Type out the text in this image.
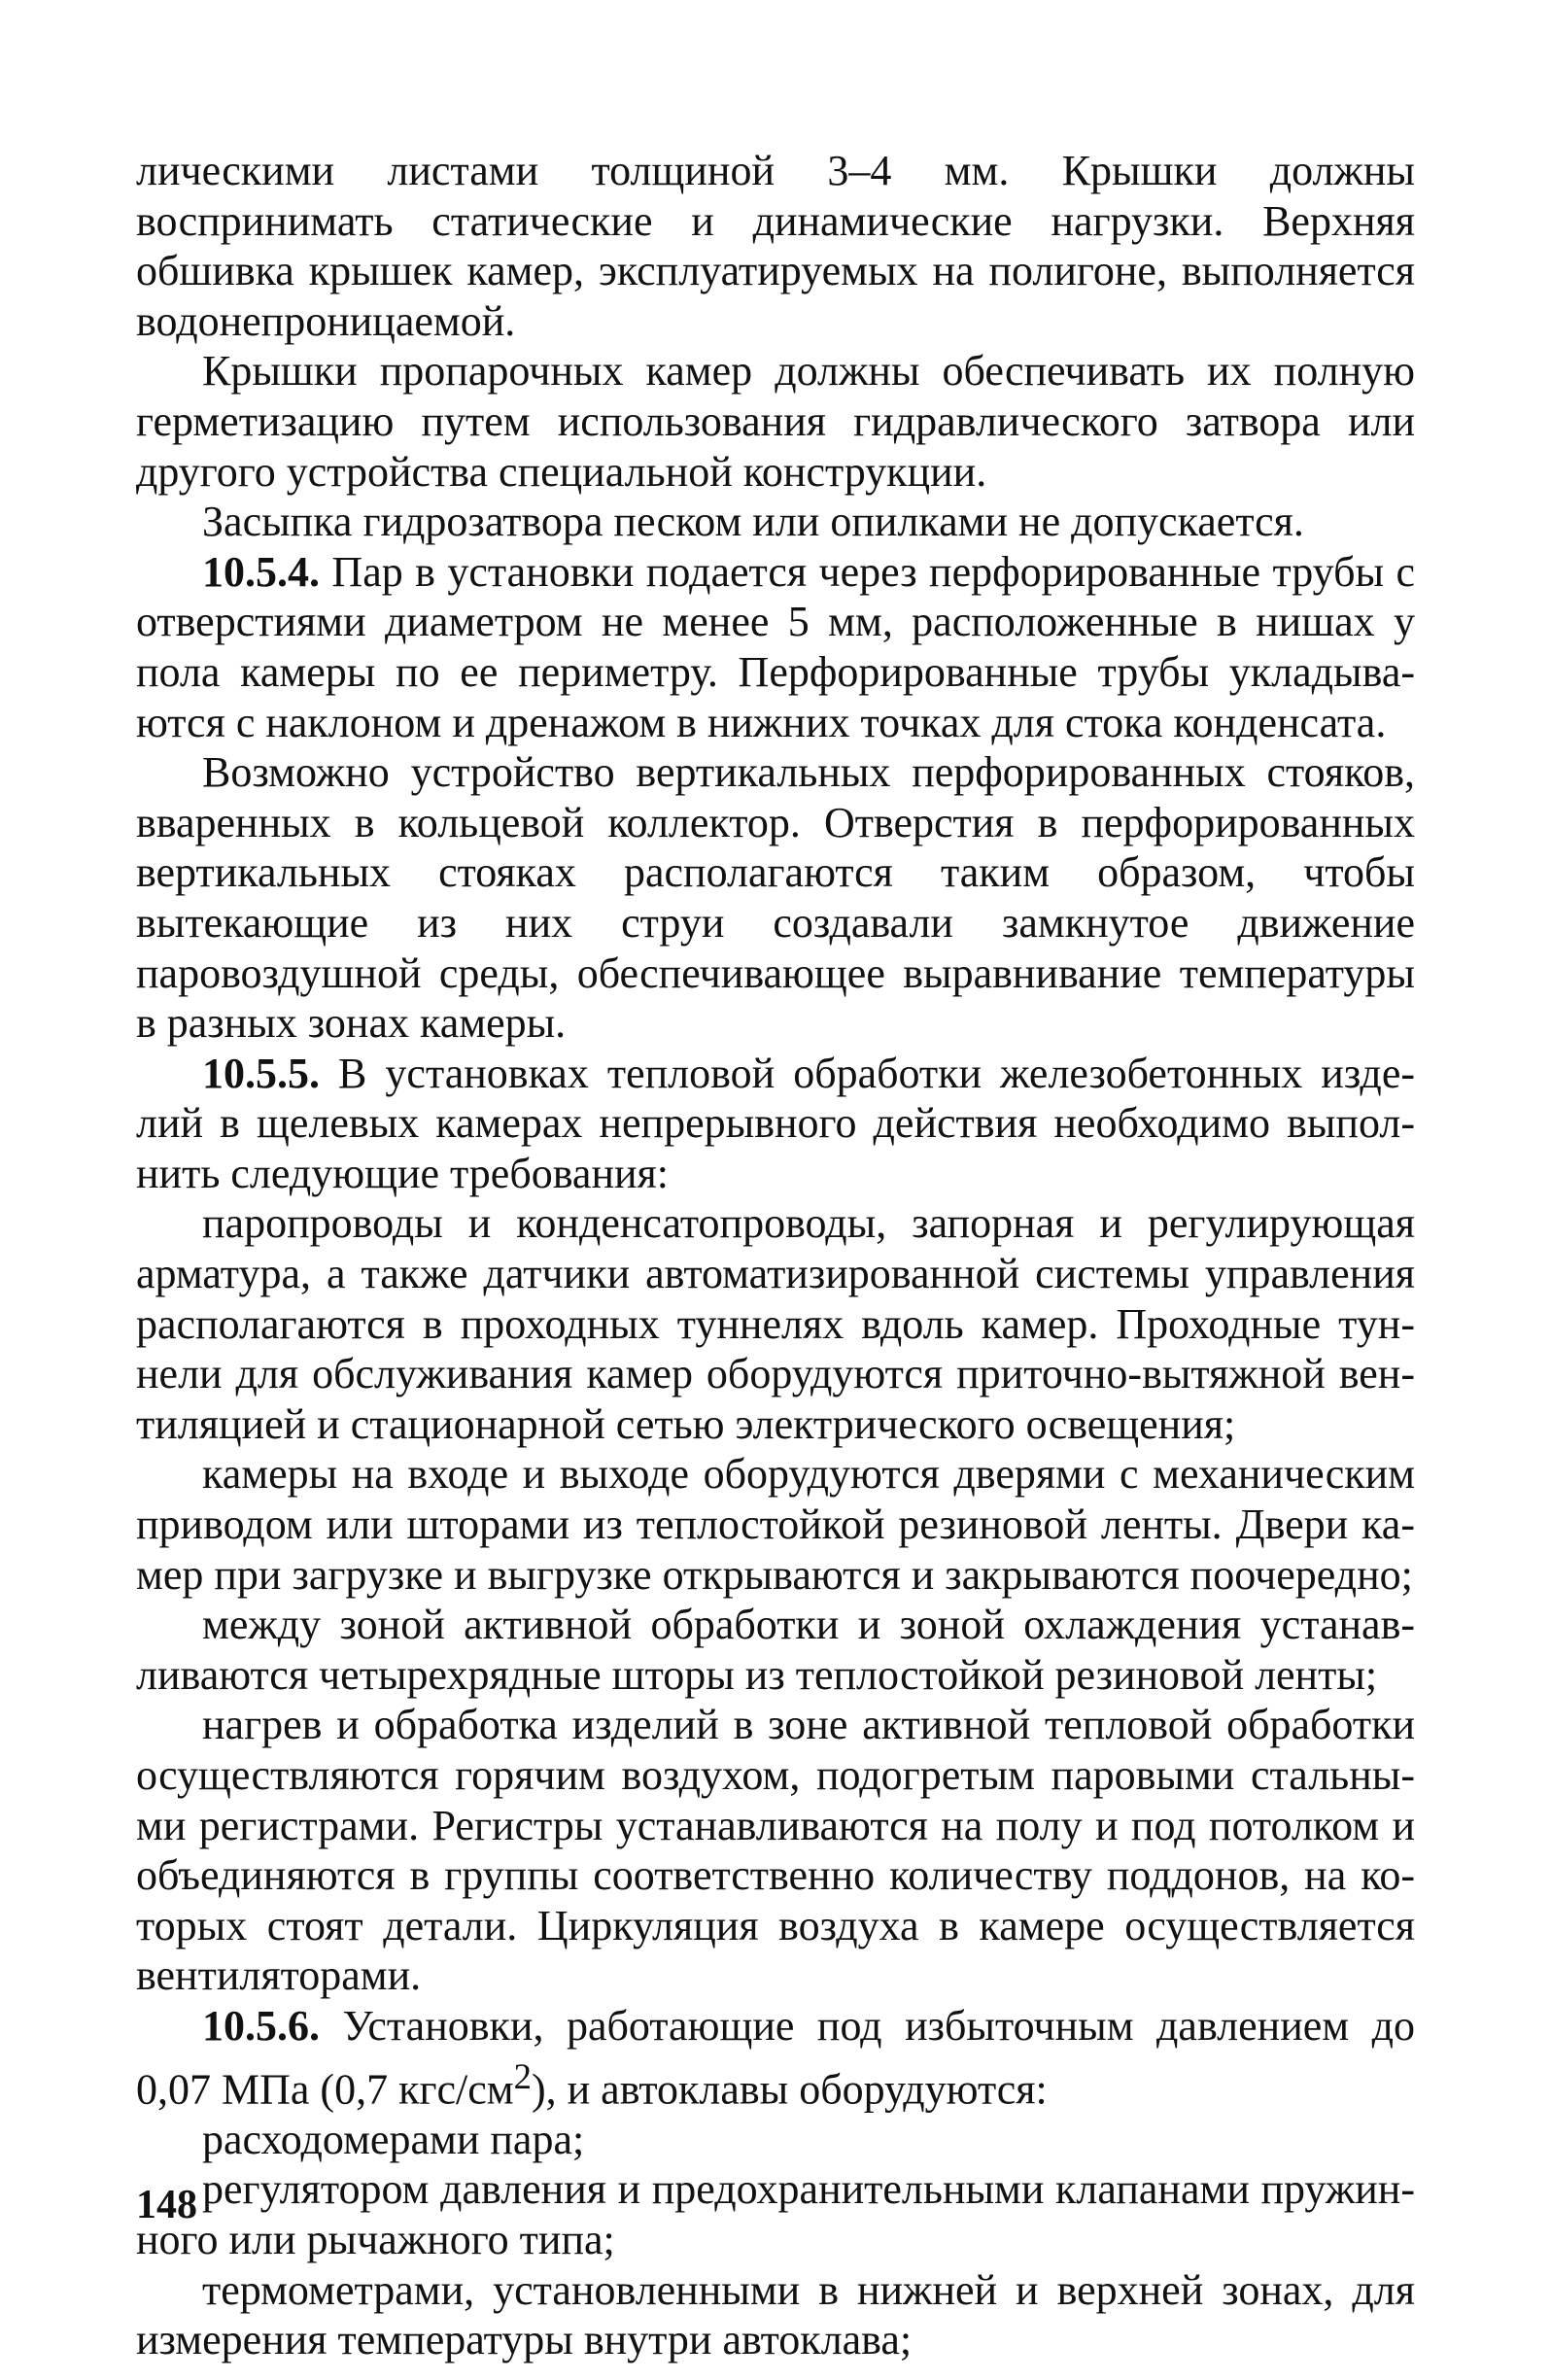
лическими листами толщиной 3–4 мм. Крышки должны воспринимать статические и динамические нагрузки. Верхняя обшивка крышек камер, эксплуатируемых на полигоне, выполняется водонепроницаемой.

Крышки пропарочных камер должны обеспечивать их полную герметизацию путем использования гидравлического затвора или другого устройства специальной конструкции.

Засыпка гидрозатвора песком или опилками не допускается.

10.5.4. Пар в установки подается через перфорированные трубы с отверстиями диаметром не менее 5 мм, расположенные в нишах у пола камеры по ее периметру. Перфорированные трубы укладываются с наклоном и дренажом в нижних точках для стока конденсата.

Возможно устройство вертикальных перфорированных стояков, вваренных в кольцевой коллектор. Отверстия в перфорированных вертикальных стояках располагаются таким образом, чтобы вытекающие из них струи создавали замкнутое движение паровоздушной среды, обеспечивающее выравнивание температуры в разных зонах камеры.

10.5.5. В установках тепловой обработки железобетонных изделий в щелевых камерах непрерывного действия необходимо выполнить следующие требования:

паропроводы и конденсатопроводы, запорная и регулирующая арматура, а также датчики автоматизированной системы управления располагаются в проходных туннелях вдоль камер. Проходные туннели для обслуживания камер оборудуются приточно-вытяжной вентиляцией и стационарной сетью электрического освещения;

камеры на входе и выходе оборудуются дверями с механическим приводом или шторами из теплостойкой резиновой ленты. Двери камер при загрузке и выгрузке открываются и закрываются поочередно;

между зоной активной обработки и зоной охлаждения устанавливаются четырехрядные шторы из теплостойкой резиновой ленты;

нагрев и обработка изделий в зоне активной тепловой обработки осуществляются горячим воздухом, подогретым паровыми стальными регистрами. Регистры устанавливаются на полу и под потолком и объединяются в группы соответственно количеству поддонов, на которых стоят детали. Циркуляция воздуха в камере осуществляется вентиляторами.

10.5.6. Установки, работающие под избыточным давлением до 0,07 МПа (0,7 кгс/$см^2$), и автоклавы оборудуются:

расходомерами пара;

регулятором давления и предохранительными клапанами пружинного или рычажного типа;

термометрами, установленными в нижней и верхней зонах, для измерения температуры внутри автоклава;

148
